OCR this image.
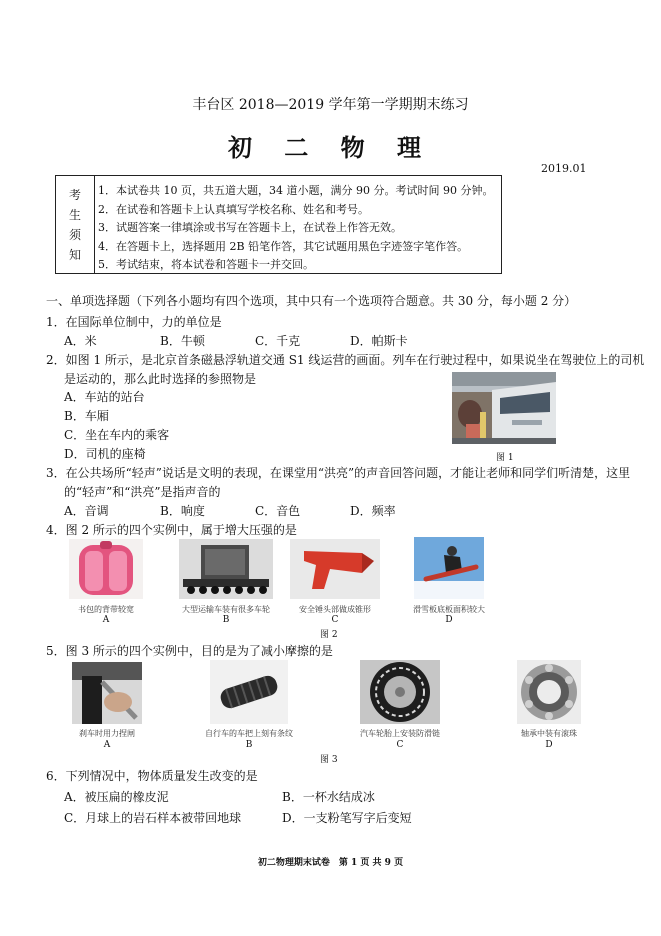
丰台区 2018—2019 学年第一学期期末练习
初 二 物 理
2019.01
考
生
须
知
1．本试卷共 10 页，共五道大题，34 道小题，满分 90 分。考试时间 90 分钟。
2．在试卷和答题卡上认真填写学校名称、姓名和考号。
3．试题答案一律填涂或书写在答题卡上，在试卷上作答无效。
4．在答题卡上，选择题用 2B 铅笔作答，其它试题用黑色字迹签字笔作答。
5．考试结束，将本试卷和答题卡一并交回。
一、单项选择题（下列各小题均有四个选项，其中只有一个选项符合题意。共 30 分，每小题 2 分）
1．在国际单位制中，力的单位是
A．米	B．牛顿	C．千克	D．帕斯卡
2．如图 1 所示，是北京首条磁悬浮轨道交通 S1 线运营的画面。列车在行驶过程中，如果说坐在驾驶位上的司机
是运动的，那么此时选择的参照物是
A．车站的站台
B．车厢
C．坐在车内的乘客
D．司机的座椅	图 1
3．在公共场所“轻声”说话是文明的表现，在课堂用“洪亮”的声音回答问题，才能让老师和同学们听清楚，这里
的“轻声”和“洪亮”是指声音的
A．音调	B．响度	C．音色	D．频率
4．图 2 所示的四个实例中，属于增大压强的是
书包的背带较宽	大型运输车装有很多车轮	安全锤头部做成锥形	滑雪板底板面积较大
A	B	C	D
图 2
5．图 3 所示的四个实例中，目的是为了减小摩擦的是
刹车时用力捏闸	自行车的车把上刻有条纹	汽车轮胎上安装防滑链	轴承中装有滚珠
A	B	C	D
图 3
6．下列情况中，物体质量发生改变的是
A．被压扁的橡皮泥	B．一杯水结成冰
C．月球上的岩石样本被带回地球	D．一支粉笔写字后变短
初二物理期末试卷　第 1 页 共 9 页
